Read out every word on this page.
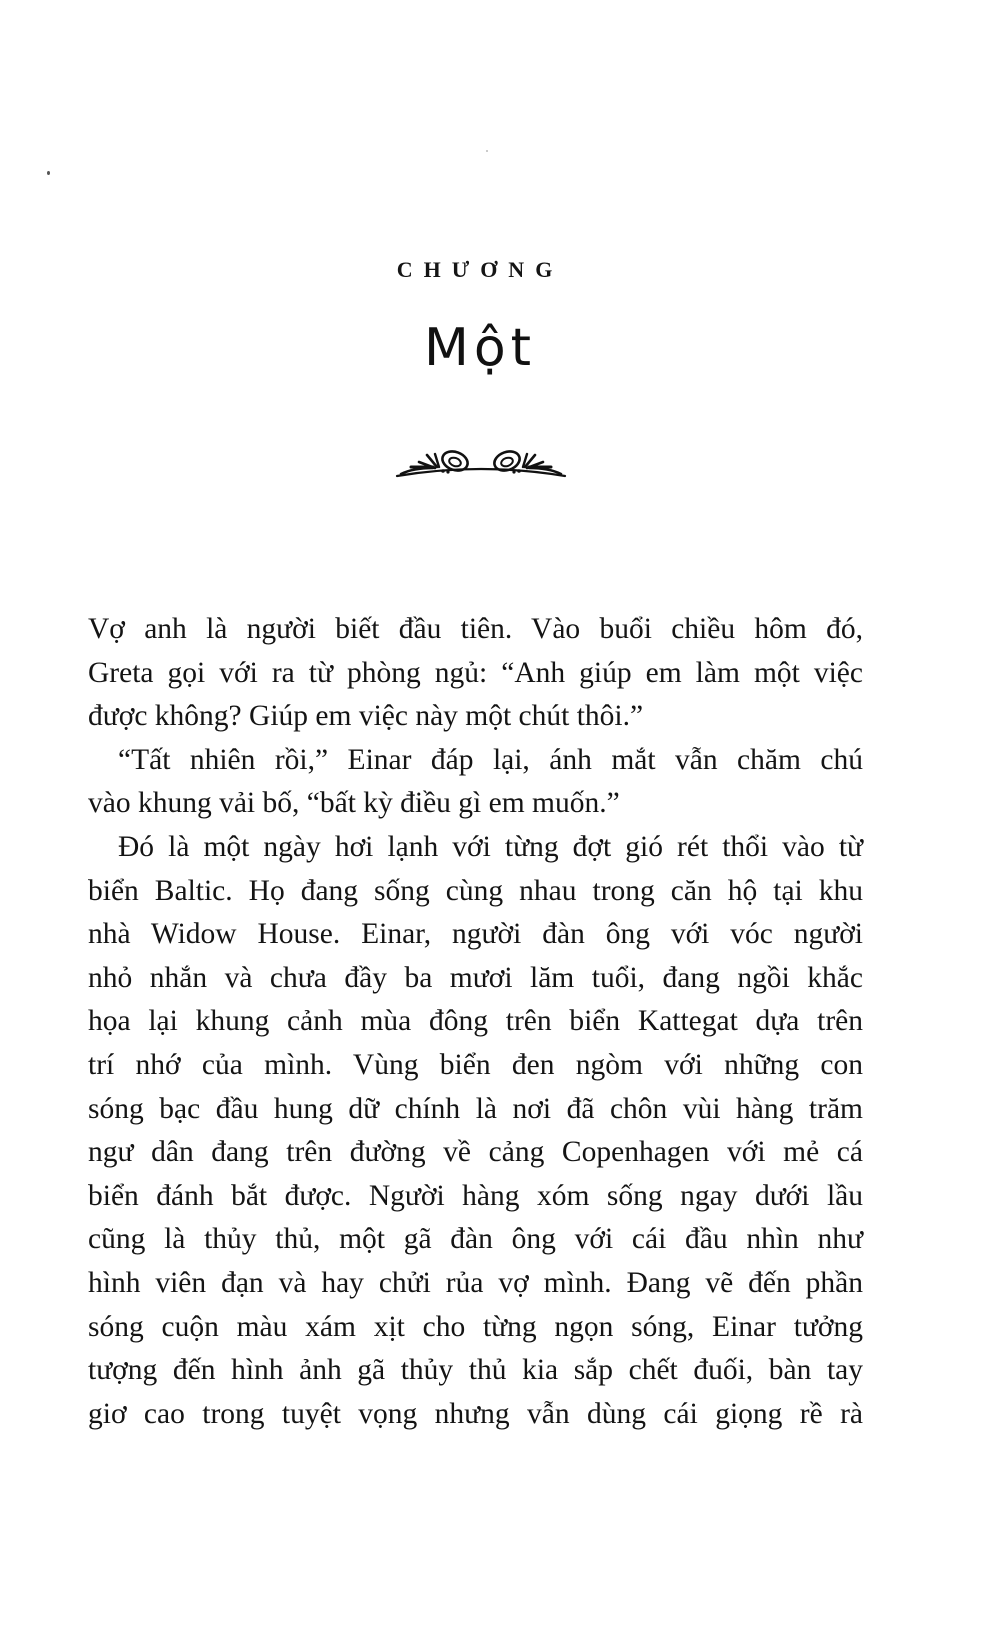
CHƯƠNG
Một
Vợ anh là người biết đầu tiên. Vào buổi chiều hôm đó,
Greta gọi với ra từ phòng ngủ: “Anh giúp em làm một việc
được không? Giúp em việc này một chút thôi.”
“Tất nhiên rồi,” Einar đáp lại, ánh mắt vẫn chăm chú
vào khung vải bố, “bất kỳ điều gì em muốn.”
Đó là một ngày hơi lạnh với từng đợt gió rét thổi vào từ
biển Baltic. Họ đang sống cùng nhau trong căn hộ tại khu
nhà Widow House. Einar, người đàn ông với vóc người
nhỏ nhắn và chưa đầy ba mươi lăm tuổi, đang ngồi khắc
họa lại khung cảnh mùa đông trên biển Kattegat dựa trên
trí nhớ của mình. Vùng biển đen ngòm với những con
sóng bạc đầu hung dữ chính là nơi đã chôn vùi hàng trăm
ngư dân đang trên đường về cảng Copenhagen với mẻ cá
biển đánh bắt được. Người hàng xóm sống ngay dưới lầu
cũng là thủy thủ, một gã đàn ông với cái đầu nhìn như
hình viên đạn và hay chửi rủa vợ mình. Đang vẽ đến phần
sóng cuộn màu xám xịt cho từng ngọn sóng, Einar tưởng
tượng đến hình ảnh gã thủy thủ kia sắp chết đuối, bàn tay
giơ cao trong tuyệt vọng nhưng vẫn dùng cái giọng rề rà
